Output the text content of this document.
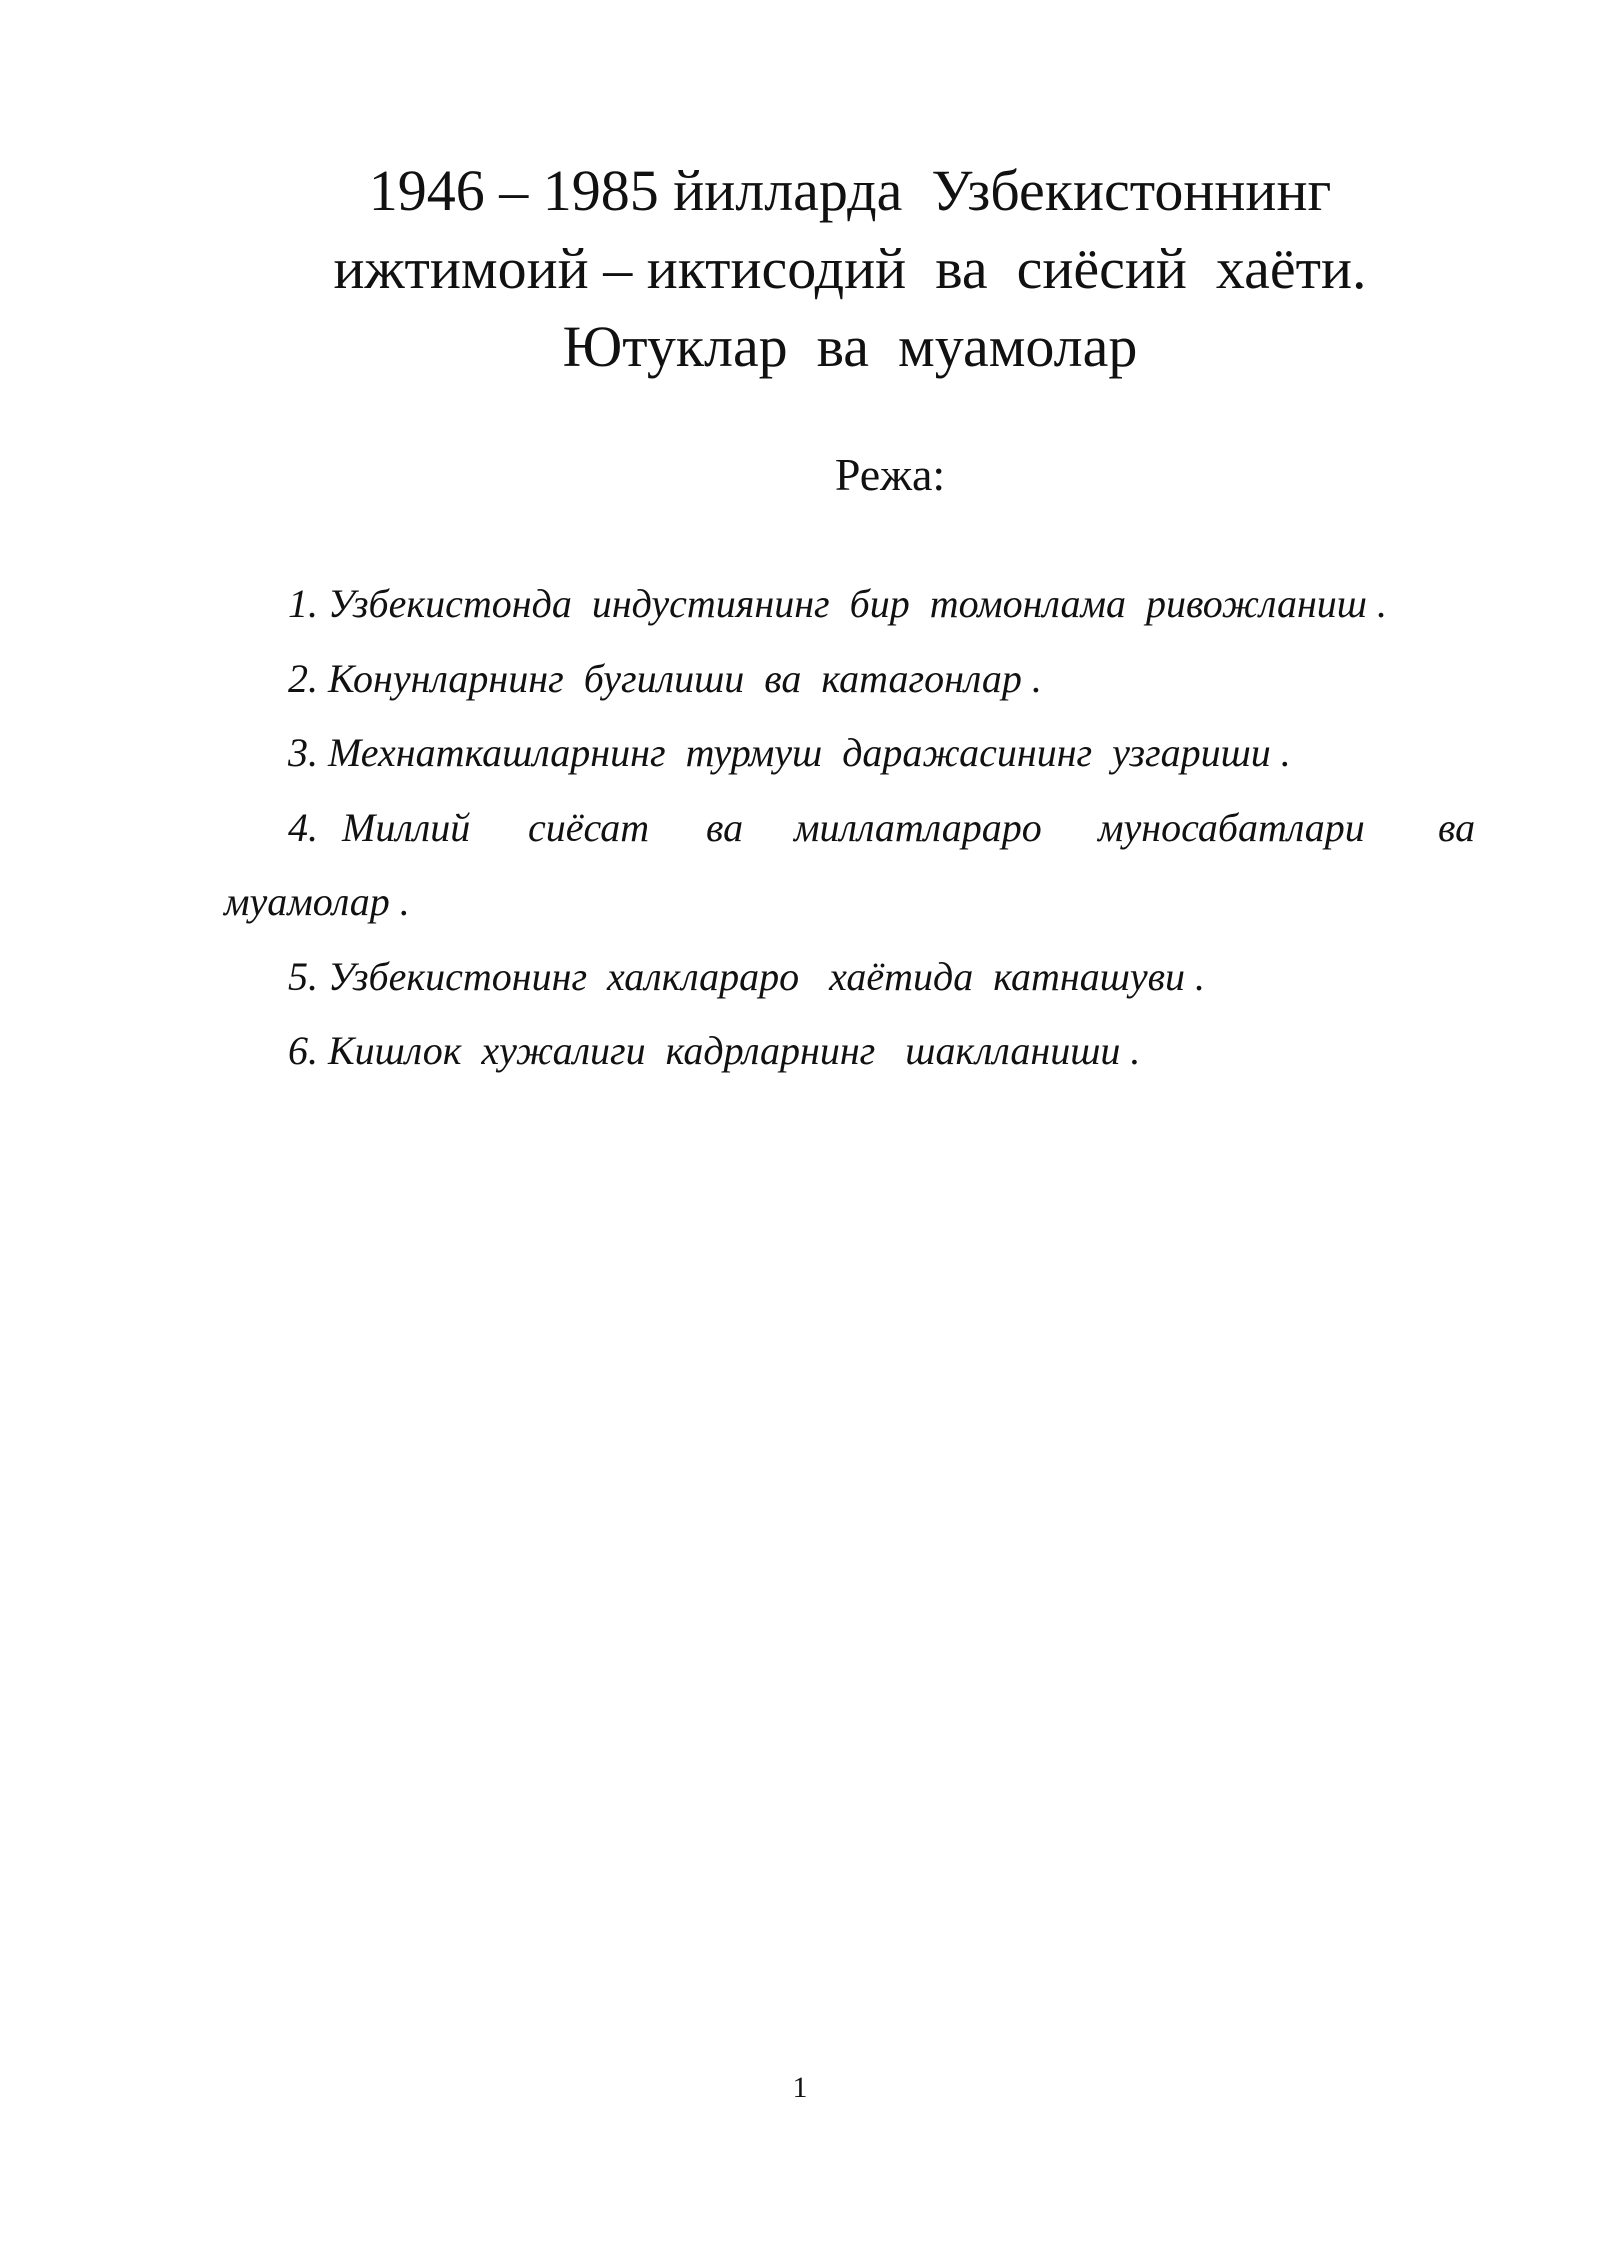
1946 – 1985 йилларда  Узбекистоннинг
ижтимоий – иктисодий  ва  сиёсий  хаёти.
Ютуклар  ва  муамолар
Режа:
1. Узбекистонда  индустиянинг  бир  томонлама  ривожланиш .
2. Конунларнинг  бугилиши  ва  катагонлар .
3. Мехнаткашларнинг  турмуш  даражасининг  узгариши .

4.

Миллий

сиёсат

ва

миллатлараро

муносабатлари

ва

муамолар .
5. Узбекистонинг  халклараро   хаётида  катнашуви .
6. Кишлок  хужалиги  кадрларнинг   шаклланиши .
1
